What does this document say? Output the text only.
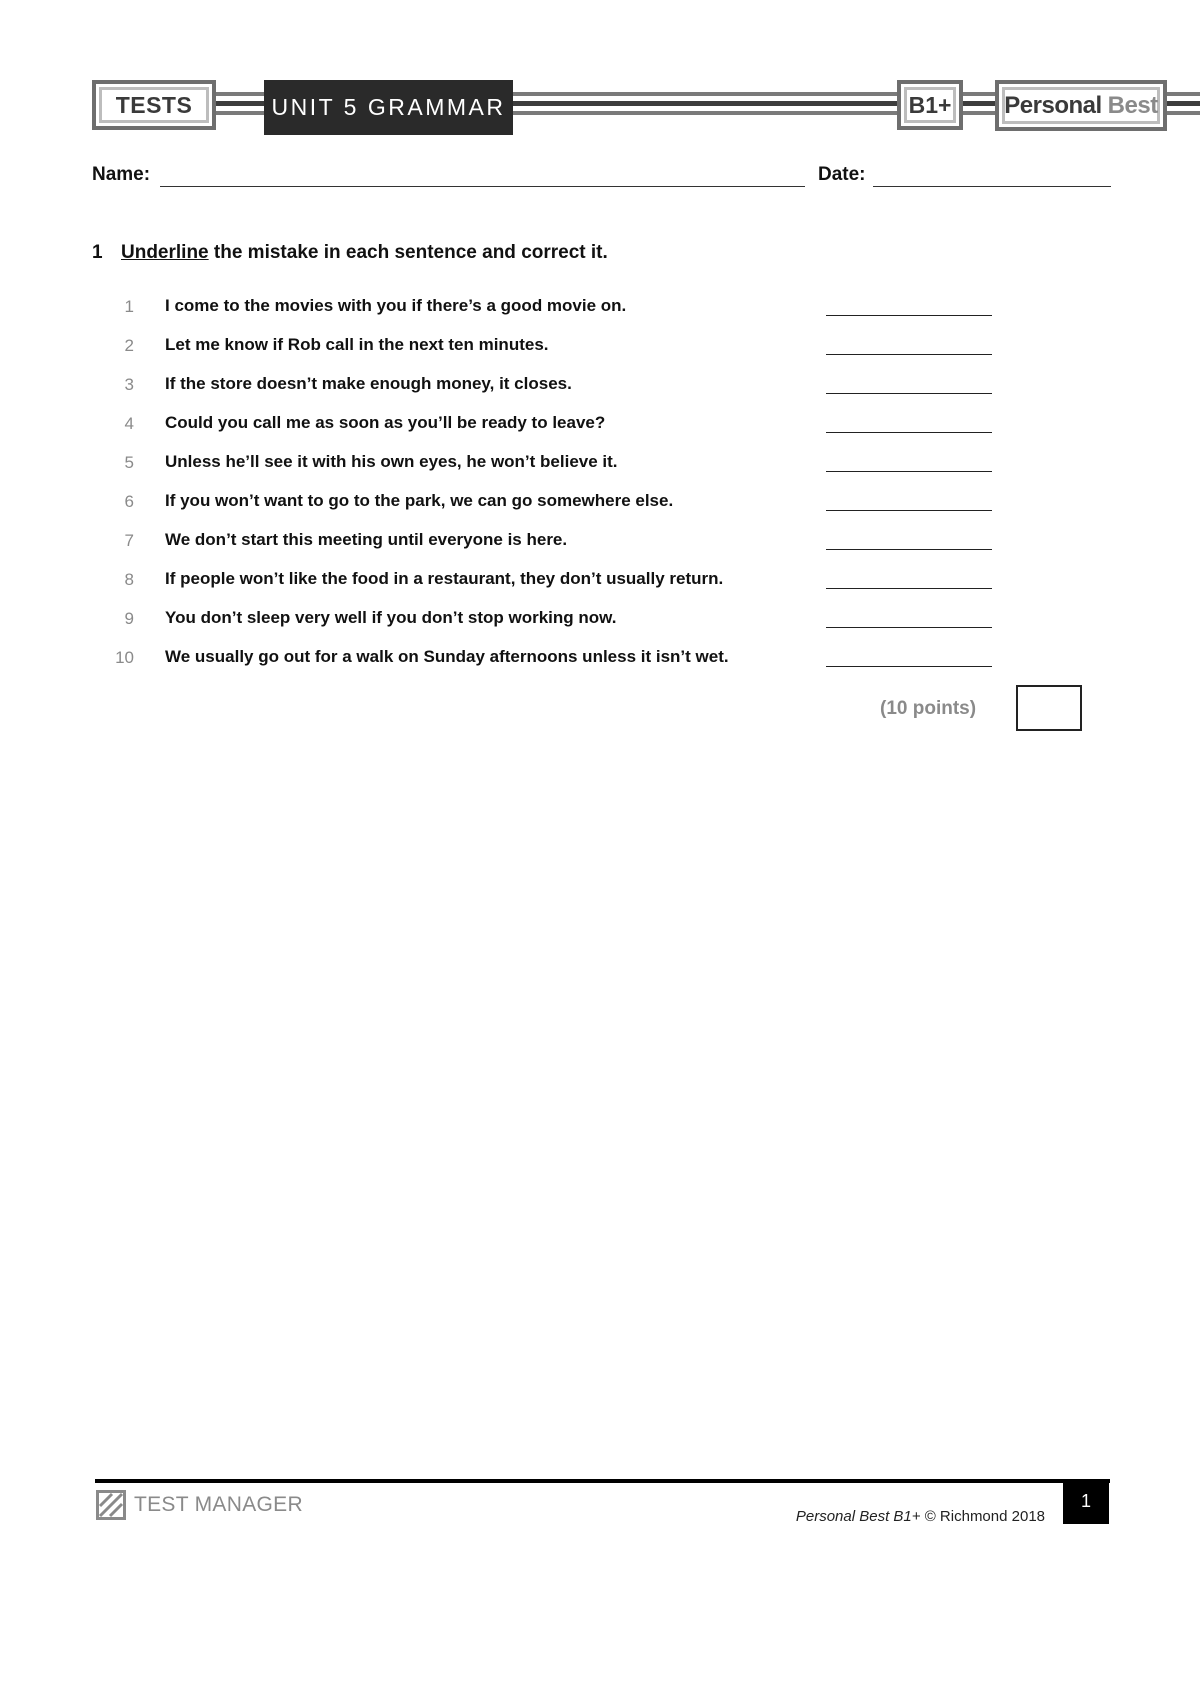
TESTS	UNIT 5 GRAMMAR	B1+ Personal Best
Name:	Date:
1 Underline the mistake in each sentence and correct it.
1 I come to the movies with you if there’s a good movie on.
2 Let me know if Rob call in the next ten minutes.
3 If the store doesn’t make enough money, it closes.
4 Could you call me as soon as you’ll be ready to leave?
5 Unless he’ll see it with his own eyes, he won’t believe it.
6 If you won’t want to go to the park, we can go somewhere else.
7 We don’t start this meeting until everyone is here.
8 If people won’t like the food in a restaurant, they don’t usually return.
9 You don’t sleep very well if you don’t stop working now.
10 We usually go out for a walk on Sunday afternoons unless it isn’t wet.
(10 points)
TEST MANAGER
Personal Best B1+ © Richmond 2018
1
